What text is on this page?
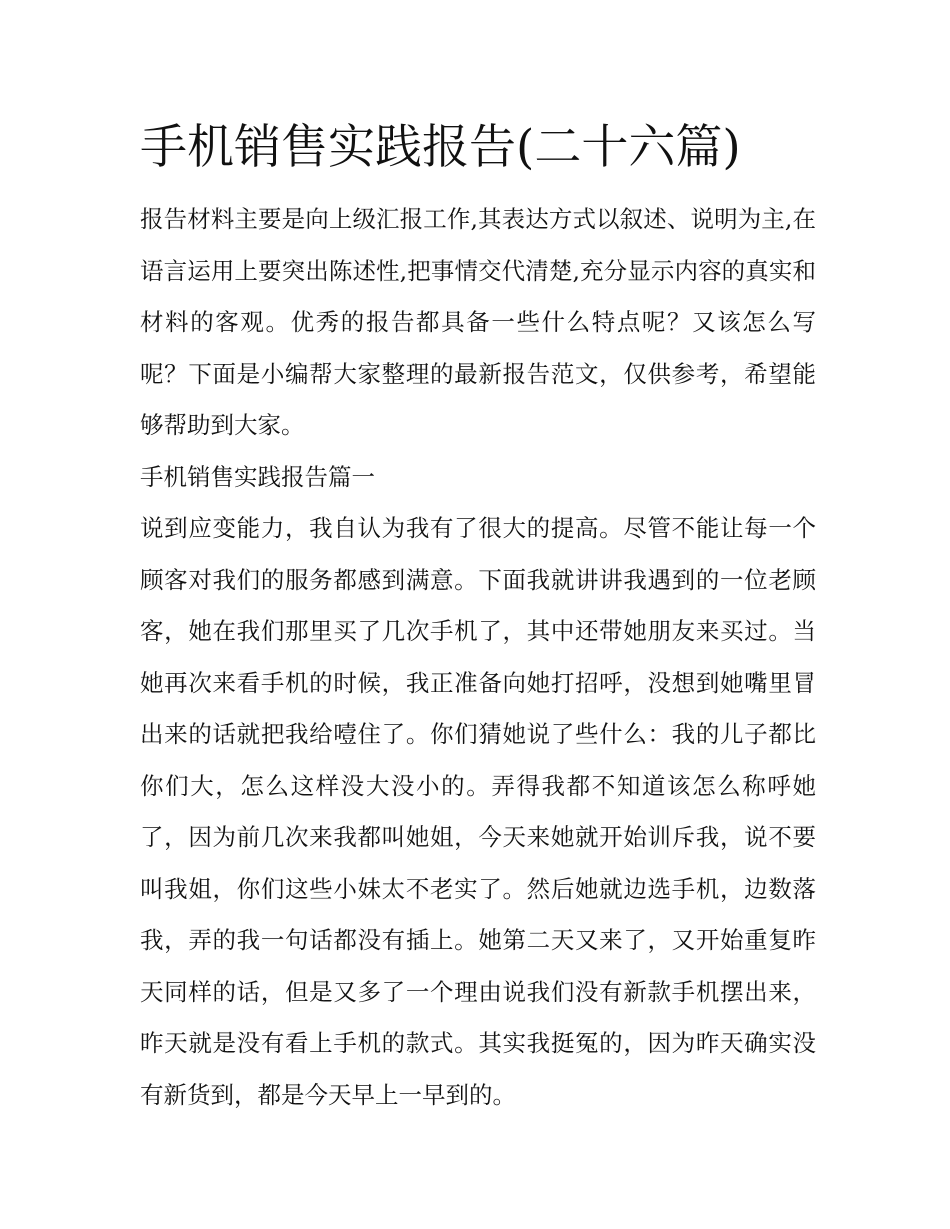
手机销售实践报告(二十六篇)

报告材料主要是向上级汇报工作,其表达方式以叙述、说明为主,在语言运用上要突出陈述性,把事情交代清楚,充分显示内容的真实和材料的客观。优秀的报告都具备一些什么特点呢？又该怎么写呢？下面是小编帮大家整理的最新报告范文，仅供参考，希望能够帮助到大家。

手机销售实践报告篇一

说到应变能力，我自认为我有了很大的提高。尽管不能让每一个顾客对我们的服务都感到满意。下面我就讲讲我遇到的一位老顾客，她在我们那里买了几次手机了，其中还带她朋友来买过。当她再次来看手机的时候，我正准备向她打招呼，没想到她嘴里冒出来的话就把我给噎住了。你们猜她说了些什么：我的儿子都比你们大，怎么这样没大没小的。弄得我都不知道该怎么称呼她了，因为前几次来我都叫她姐，今天来她就开始训斥我，说不要叫我姐，你们这些小妹太不老实了。然后她就边选手机，边数落我，弄的我一句话都没有插上。她第二天又来了，又开始重复昨天同样的话，但是又多了一个理由说我们没有新款手机摆出来，昨天就是没有看上手机的款式。其实我挺冤的，因为昨天确实没有新货到，都是今天早上一早到的。
